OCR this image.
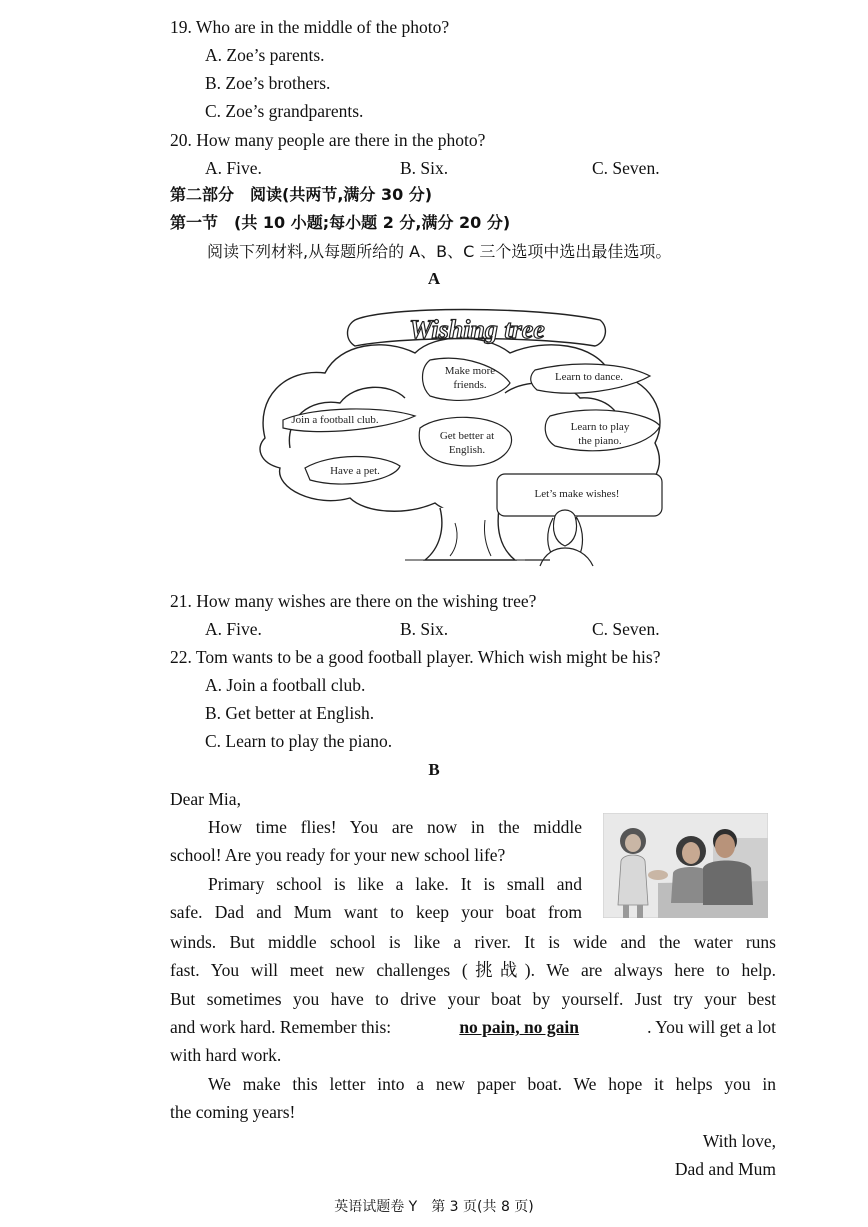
19. Who are in the middle of the photo?
A. Zoe’s parents.
B. Zoe’s brothers.
C. Zoe’s grandparents.
20. How many people are there in the photo?
A. Five.	B. Six.	C. Seven.
第二部分　阅读(共两节,满分 30 分)
第一节　(共 10 小题;每小题 2 分,满分 20 分)
阅读下列材料,从每题所给的 A、B、C 三个选项中选出最佳选项。
A
Wishing tree
Make more
friends.
Learn to dance.
Join a football club.
Get better at
English.
Learn to play
the piano.
Have a pet.
Let’s make wishes!
21. How many wishes are there on the wishing tree?
A. Five.	B. Six.	C. Seven.
22. Tom wants to be a good football player. Which wish might be his?
A. Join a football club.
B. Get better at English.
C. Learn to play the piano.
B
Dear Mia,
How time flies! You are now in the middle
school! Are you ready for your new school life?
Primary school is like a lake. It is small and
safe. Dad and Mum want to keep your boat from
winds. But middle school is like a river. It is wide and the water runs
fast. You will meet new challenges (挑战). We are always here to help.
But sometimes you have to drive your boat by yourself. Just try your best
and work hard. Remember this:	no pain, no gain	. You will get a lot
with hard work.
We make this letter into a new paper boat. We hope it helps you in
the coming years!
With love,
Dad and Mum
英语试题卷 Y　第 3 页(共 8 页)
